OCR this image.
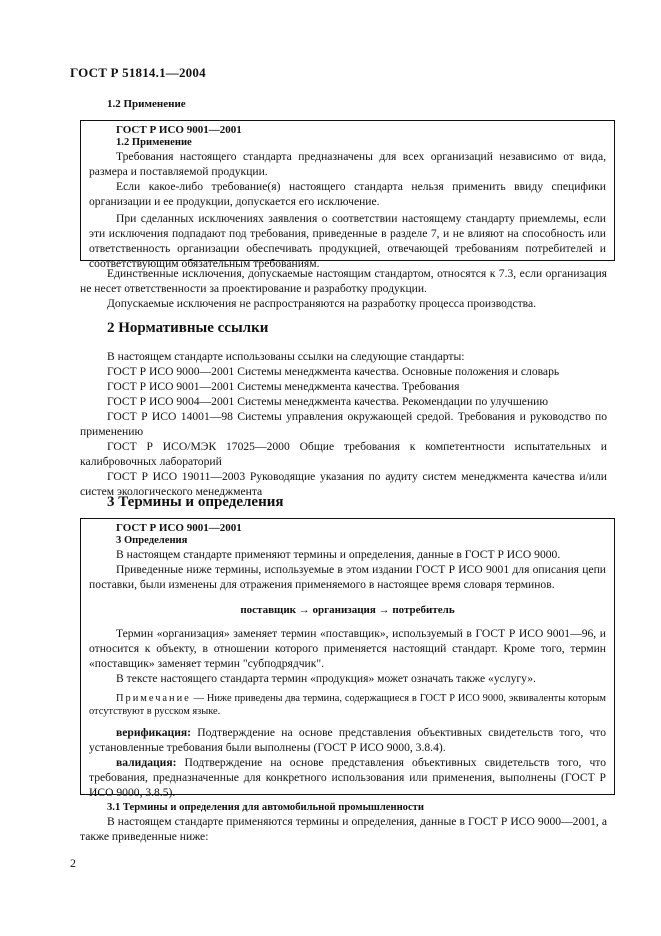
ГОСТ Р 51814.1—2004
1.2 Применение
ГОСТ Р ИСО 9001—2001
1.2 Применение
Требования настоящего стандарта предназначены для всех организаций независимо от вида, размера и поставляемой продукции.
Если какое-либо требование(я) настоящего стандарта нельзя применить ввиду специфики организации и ее продукции, допускается его исключение.
При сделанных исключениях заявления о соответствии настоящему стандарту приемлемы, если эти исключения подпадают под требования, приведенные в разделе 7, и не влияют на способность или ответственность организации обеспечивать продукцией, отвечающей требованиям потребителей и соответствующим обязательным требованиям.
Единственные исключения, допускаемые настоящим стандартом, относятся к 7.3, если организация не несет ответственности за проектирование и разработку продукции.
Допускаемые исключения не распространяются на разработку процесса производства.
2 Нормативные ссылки
В настоящем стандарте использованы ссылки на следующие стандарты:
ГОСТ Р ИСО 9000—2001 Системы менеджмента качества. Основные положения и словарь
ГОСТ Р ИСО 9001—2001 Системы менеджмента качества. Требования
ГОСТ Р ИСО 9004—2001 Системы менеджмента качества. Рекомендации по улучшению
ГОСТ Р ИСО 14001—98 Системы управления окружающей средой. Требования и руководство по применению
ГОСТ Р ИСО/МЭК 17025—2000 Общие требования к компетентности испытательных и калибровочных лабораторий
ГОСТ Р ИСО 19011—2003 Руководящие указания по аудиту систем менеджмента качества и/или систем экологического менеджмента
3 Термины и определения
ГОСТ Р ИСО 9001—2001
3 Определения
В настоящем стандарте применяют термины и определения, данные в ГОСТ Р ИСО 9000.
Приведенные ниже термины, используемые в этом издании ГОСТ Р ИСО 9001 для описания цепи поставки, были изменены для отражения применяемого в настоящее время словаря терминов.
поставщик → организация → потребитель
Термин «организация» заменяет термин «поставщик», используемый в ГОСТ Р ИСО 9001—96, и относится к объекту, в отношении которого применяется настоящий стандарт. Кроме того, термин «поставщик» заменяет термин "субподрядчик".
В тексте настоящего стандарта термин «продукция» может означать также «услугу».
Примечание — Ниже приведены два термина, содержащиеся в ГОСТ Р ИСО 9000, эквиваленты которым отсутствуют в русском языке.
верификация: Подтверждение на основе представления объективных свидетельств того, что установленные требования были выполнены (ГОСТ Р ИСО 9000, 3.8.4).
валидация: Подтверждение на основе представления объективных свидетельств того, что требования, предназначенные для конкретного использования или применения, выполнены (ГОСТ Р ИСО 9000, 3.8.5).
3.1 Термины и определения для автомобильной промышленности
В настоящем стандарте применяются термины и определения, данные в ГОСТ Р ИСО 9000—2001, а также приведенные ниже:
2
